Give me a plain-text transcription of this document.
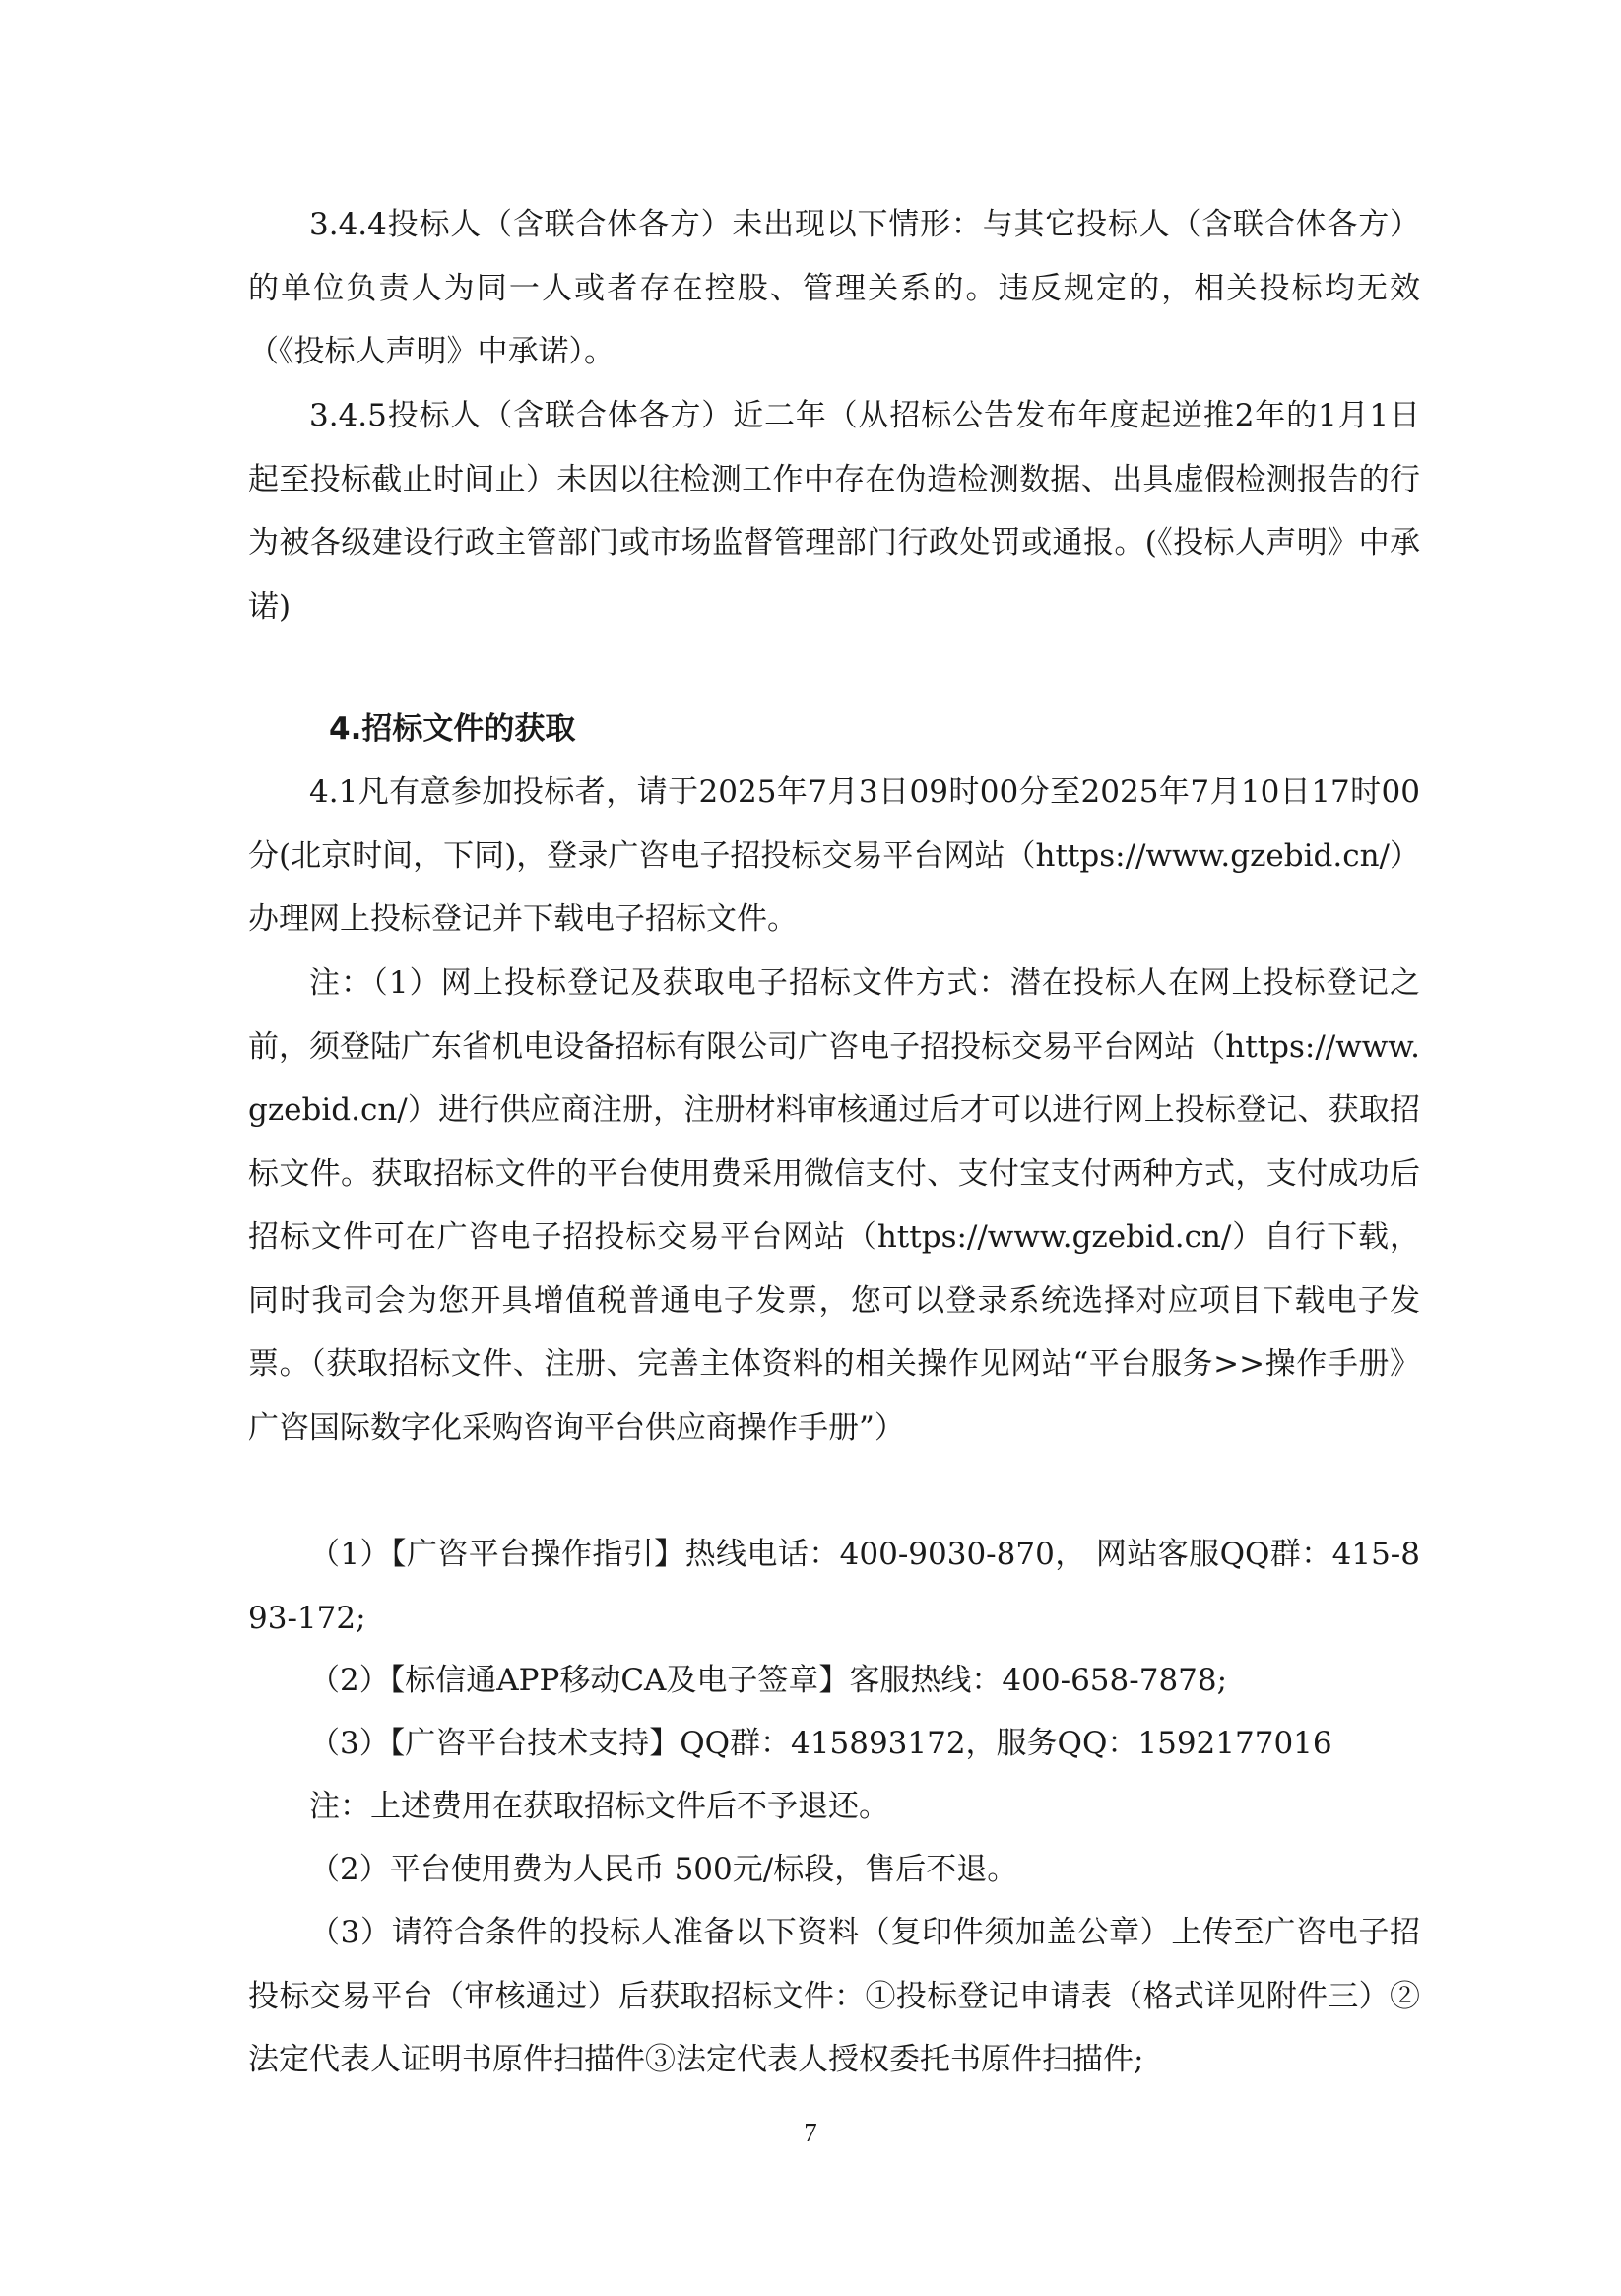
3.4.4投标人（含联合体各方）未出现以下情形：与其它投标人（含联合体各方）的单位负责人为同一人或者存在控股、管理关系的。违反规定的，相关投标均无效（《投标人声明》中承诺）。

3.4.5投标人（含联合体各方）近二年（从招标公告发布年度起逆推2年的1月1日起至投标截止时间止）未因以往检测工作中存在伪造检测数据、出具虚假检测报告的行为被各级建设行政主管部门或市场监督管理部门行政处罚或通报。(《投标人声明》中承诺)

4.招标文件的获取

4.1凡有意参加投标者，请于2025年7月3日09时00分至2025年7月10日17时00分(北京时间，下同)，登录广咨电子招投标交易平台网站（https://www.gzebid.cn/）办理网上投标登记并下载电子招标文件。

注：（1）网上投标登记及获取电子招标文件方式：潜在投标人在网上投标登记之前，须登陆广东省机电设备招标有限公司广咨电子招投标交易平台网站（https://www.gzebid.cn/）进行供应商注册，注册材料审核通过后才可以进行网上投标登记、获取招标文件。获取招标文件的平台使用费采用微信支付、支付宝支付两种方式，支付成功后招标文件可在广咨电子招投标交易平台网站（https://www.gzebid.cn/）自行下载，同时我司会为您开具增值税普通电子发票，您可以登录系统选择对应项目下载电子发票。（获取招标文件、注册、完善主体资料的相关操作见网站“平台服务>>操作手册》广咨国际数字化采购咨询平台供应商操作手册”）

（1）【广咨平台操作指引】热线电话：400-9030-870， 网站客服QQ群：415-893-172;

（2）【标信通APP移动CA及电子签章】客服热线：400-658-7878;

（3）【广咨平台技术支持】QQ群：415893172，服务QQ：1592177016

注：上述费用在获取招标文件后不予退还。

（2）平台使用费为人民币 500元/标段，售后不退。

（3）请符合条件的投标人准备以下资料（复印件须加盖公章）上传至广咨电子招投标交易平台（审核通过）后获取招标文件：①投标登记申请表（格式详见附件三）②法定代表人证明书原件扫描件③法定代表人授权委托书原件扫描件;

7
